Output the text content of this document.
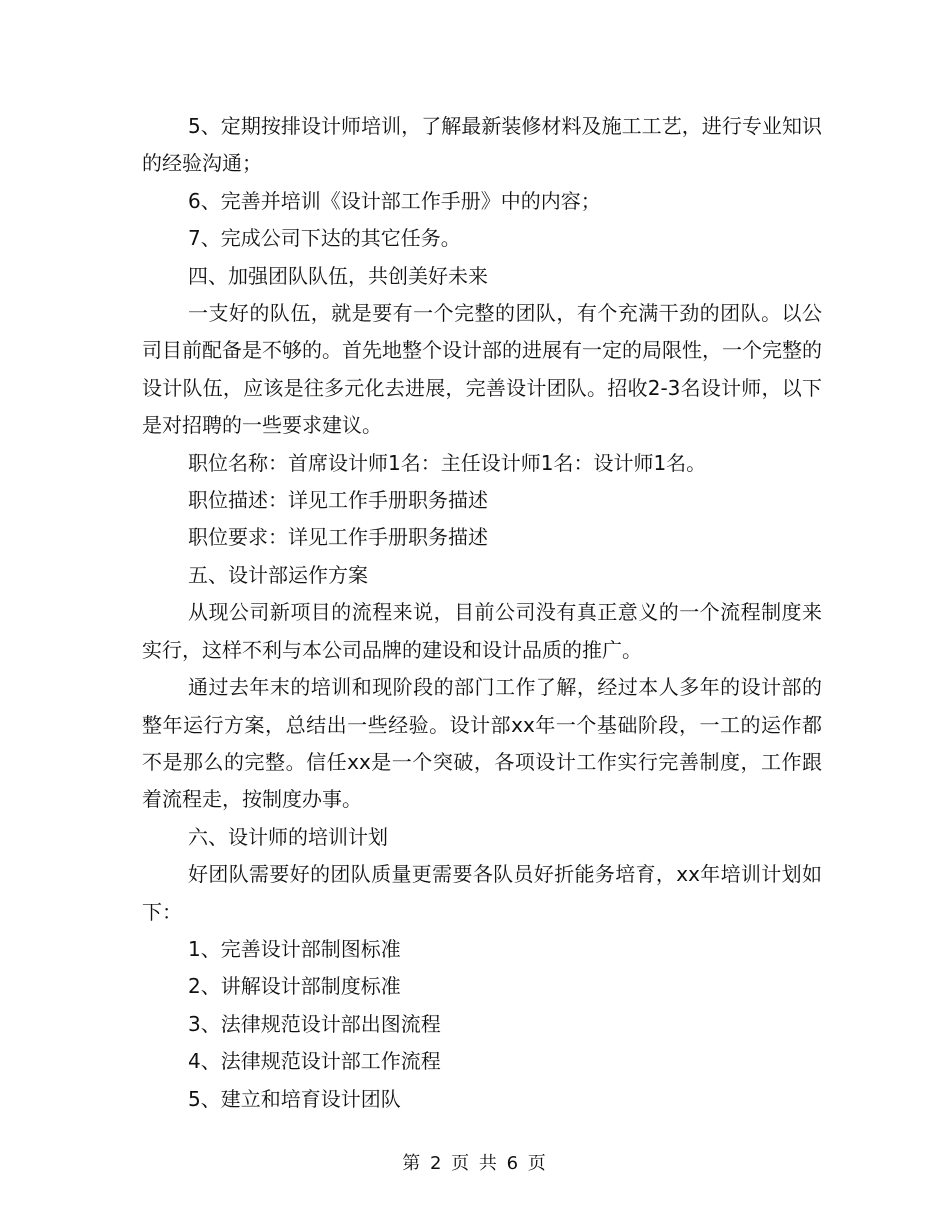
5、定期按排设计师培训，了解最新装修材料及施工工艺，进行专业知识的经验沟通；

6、完善并培训《设计部工作手册》中的内容；

7、完成公司下达的其它任务。

四、加强团队队伍，共创美好未来

一支好的队伍，就是要有一个完整的团队，有个充满干劲的团队。以公司目前配备是不够的。首先地整个设计部的进展有一定的局限性，一个完整的设计队伍，应该是往多元化去进展，完善设计团队。招收2-3名设计师，以下是对招聘的一些要求建议。

职位名称：首席设计师1名：主任设计师1名：设计师1名。

职位描述：详见工作手册职务描述

职位要求：详见工作手册职务描述

五、设计部运作方案

从现公司新项目的流程来说，目前公司没有真正意义的一个流程制度来实行，这样不利与本公司品牌的建设和设计品质的推广。

通过去年末的培训和现阶段的部门工作了解，经过本人多年的设计部的整年运行方案，总结出一些经验。设计部xx年一个基础阶段，一工的运作都不是那么的完整。信任xx是一个突破，各项设计工作实行完善制度，工作跟着流程走，按制度办事。

六、设计师的培训计划

好团队需要好的团队质量更需要各队员好折能务培育，xx年培训计划如下：

1、完善设计部制图标准

2、讲解设计部制度标准

3、法律规范设计部出图流程

4、法律规范设计部工作流程

5、建立和培育设计团队

第 2 页 共 6 页
